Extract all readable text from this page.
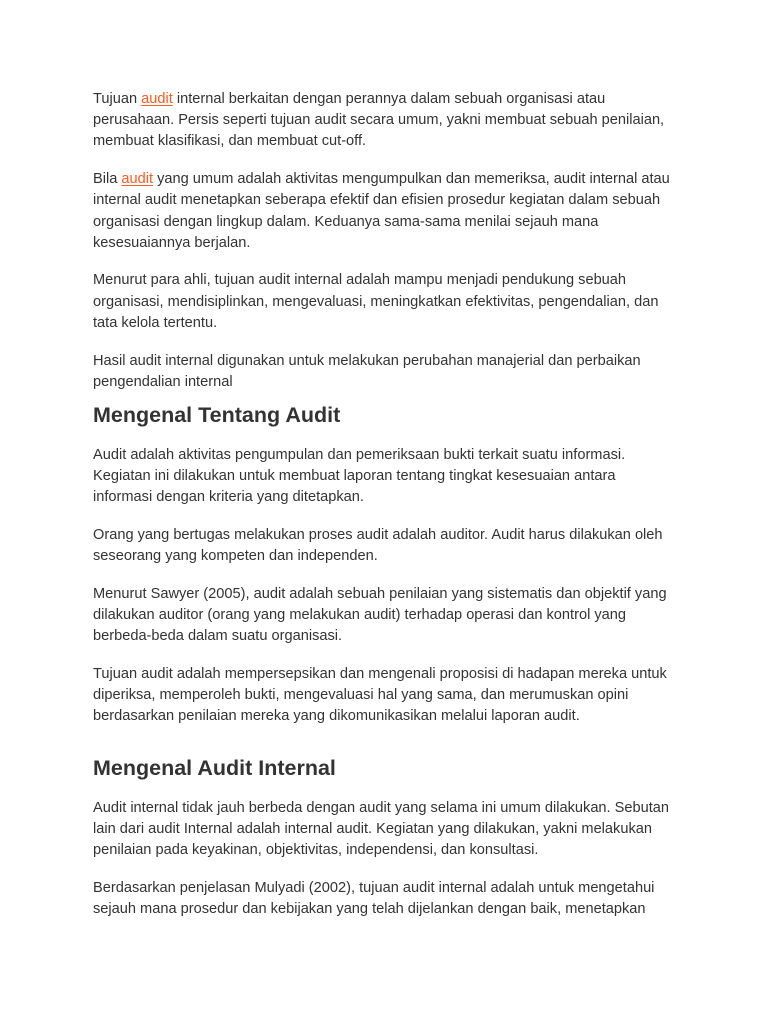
Tujuan audit internal berkaitan dengan perannya dalam sebuah organisasi atau perusahaan. Persis seperti tujuan audit secara umum, yakni membuat sebuah penilaian, membuat klasifikasi, dan membuat cut-off.

Bila audit yang umum adalah aktivitas mengumpulkan dan memeriksa, audit internal atau internal audit menetapkan seberapa efektif dan efisien prosedur kegiatan dalam sebuah organisasi dengan lingkup dalam. Keduanya sama-sama menilai sejauh mana kesesuaiannya berjalan.

Menurut para ahli, tujuan audit internal adalah mampu menjadi pendukung sebuah organisasi, mendisiplinkan, mengevaluasi, meningkatkan efektivitas, pengendalian, dan tata kelola tertentu.

Hasil audit internal digunakan untuk melakukan perubahan manajerial dan perbaikan pengendalian internal

Mengenal Tentang Audit

Audit adalah aktivitas pengumpulan dan pemeriksaan bukti terkait suatu informasi. Kegiatan ini dilakukan untuk membuat laporan tentang tingkat kesesuaian antara informasi dengan kriteria yang ditetapkan.

Orang yang bertugas melakukan proses audit adalah auditor. Audit harus dilakukan oleh seseorang yang kompeten dan independen.

Menurut Sawyer (2005), audit adalah sebuah penilaian yang sistematis dan objektif yang dilakukan auditor (orang yang melakukan audit) terhadap operasi dan kontrol yang berbeda-beda dalam suatu organisasi.

Tujuan audit adalah mempersepsikan dan mengenali proposisi di hadapan mereka untuk diperiksa, memperoleh bukti, mengevaluasi hal yang sama, dan merumuskan opini berdasarkan penilaian mereka yang dikomunikasikan melalui laporan audit.

Mengenal Audit Internal

Audit internal tidak jauh berbeda dengan audit yang selama ini umum dilakukan. Sebutan lain dari audit Internal adalah internal audit. Kegiatan yang dilakukan, yakni melakukan penilaian pada keyakinan, objektivitas, independensi, dan konsultasi.

Berdasarkan penjelasan Mulyadi (2002), tujuan audit internal adalah untuk mengetahui sejauh mana prosedur dan kebijakan yang telah dijelankan dengan baik, menetapkan
